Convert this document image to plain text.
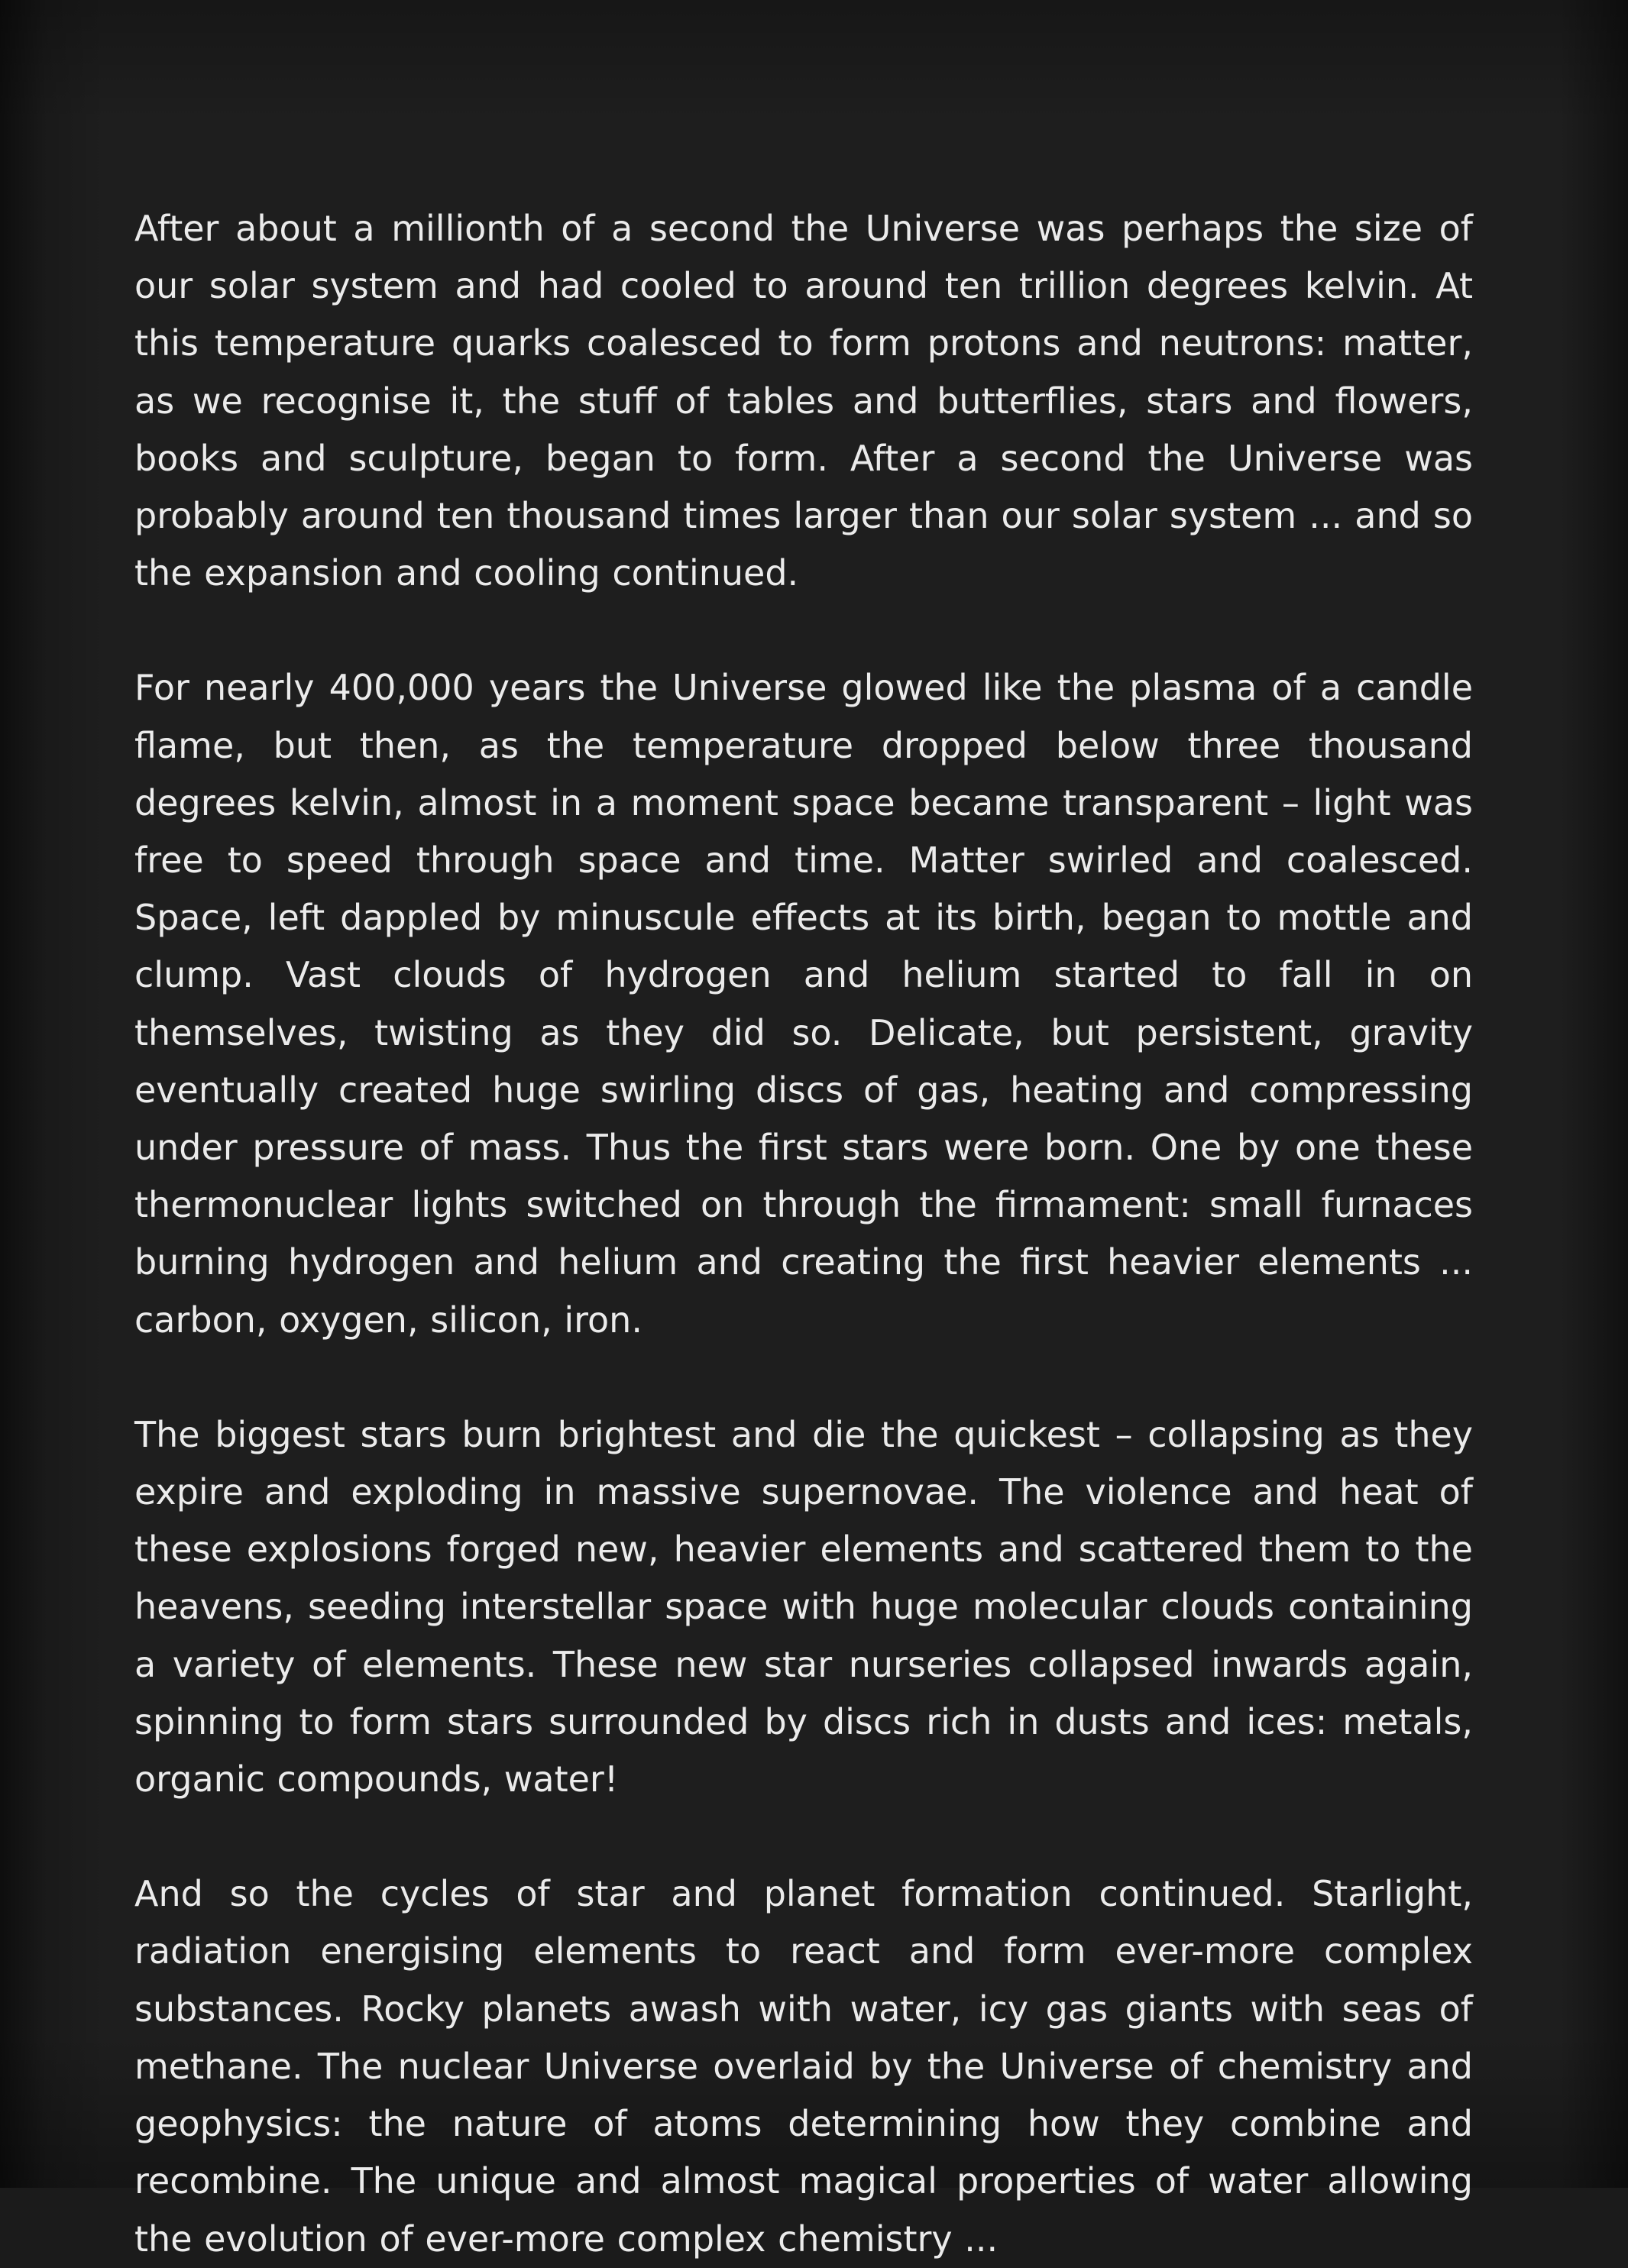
After about a millionth of a second the Universe was perhaps the size of our solar system and had cooled to around ten trillion degrees kelvin. At this temperature quarks coalesced to form protons and neutrons: matter, as we recognise it, the stuff of tables and butterflies, stars and flowers, books and sculpture, began to form. After a second the Universe was probably around ten thousand times larger than our solar system ... and so the expansion and cooling continued.

For nearly 400,000 years the Universe glowed like the plasma of a candle flame, but then, as the temperature dropped below three thousand degrees kelvin, almost in a moment space became transparent – light was free to speed through space and time. Matter swirled and coalesced. Space, left dappled by minuscule effects at its birth, began to mottle and clump. Vast clouds of hydrogen and helium started to fall in on themselves, twisting as they did so. Delicate, but persistent, gravity eventually created huge swirling discs of gas, heating and compressing under pressure of mass. Thus the first stars were born. One by one these thermonuclear lights switched on through the firmament: small furnaces burning hydrogen and helium and creating the first heavier elements ... carbon, oxygen, silicon, iron.

The biggest stars burn brightest and die the quickest – collapsing as they expire and exploding in massive supernovae. The violence and heat of these explosions forged new, heavier elements and scattered them to the heavens, seeding interstellar space with huge molecular clouds containing a variety of elements. These new star nurseries collapsed inwards again, spinning to form stars surrounded by discs rich in dusts and ices: metals, organic compounds, water!

And so the cycles of star and planet formation continued. Starlight, radiation energising elements to react and form ever-more complex substances. Rocky planets awash with water, icy gas giants with seas of methane. The nuclear Universe overlaid by the Universe of chemistry and geophysics: the nature of atoms determining how they combine and recombine. The unique and almost magical properties of water allowing the evolution of ever-more complex chemistry ...
